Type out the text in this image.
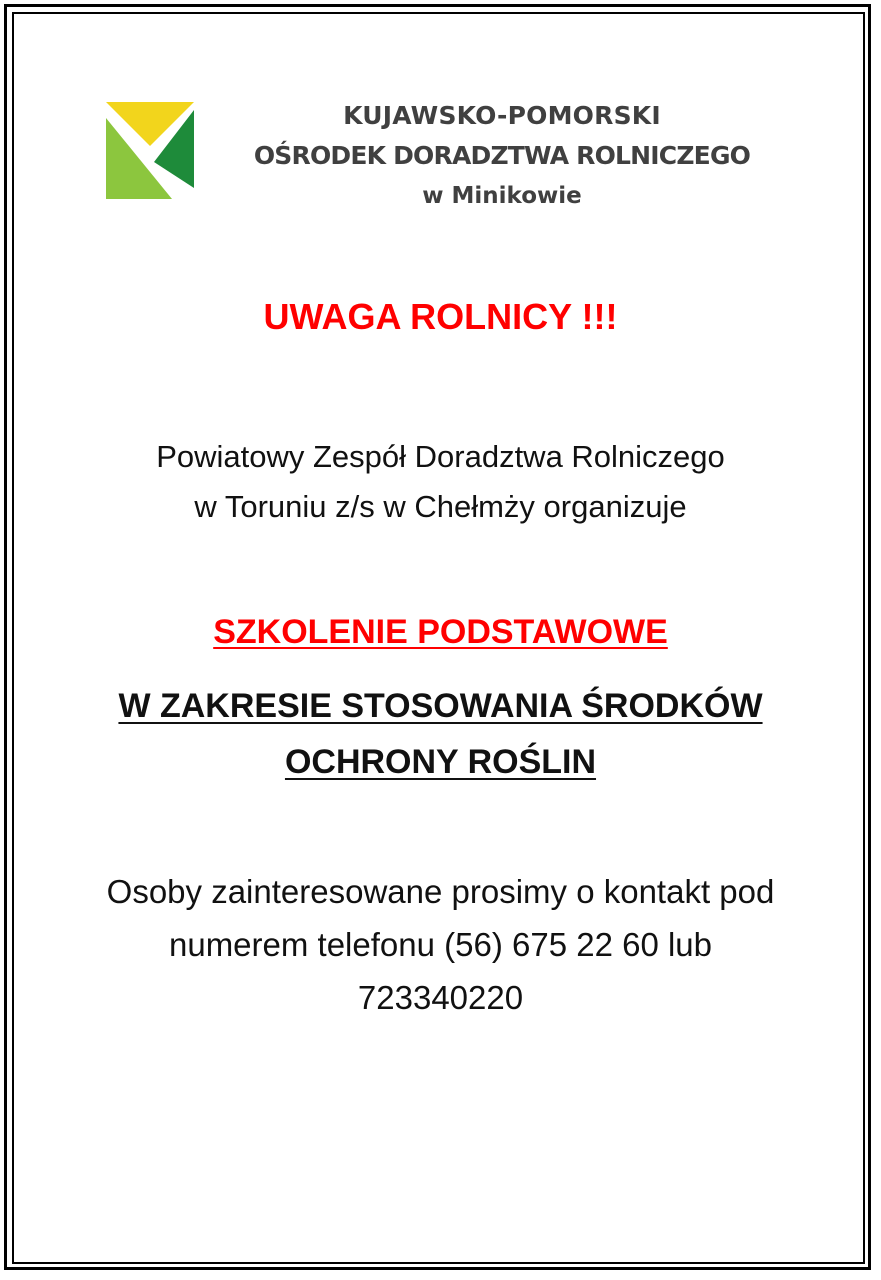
KUJAWSKO-POMORSKI
OŚRODEK DORADZTWA ROLNICZEGO
w Minikowie
UWAGA ROLNICY !!!
Powiatowy Zespół Doradztwa Rolniczego
w Toruniu z/s w Chełmży organizuje
SZKOLENIE PODSTAWOWE
W ZAKRESIE STOSOWANIA ŚRODKÓW
OCHRONY ROŚLIN
Osoby zainteresowane prosimy o kontakt pod
numerem telefonu (56) 675 22 60 lub
723340220
